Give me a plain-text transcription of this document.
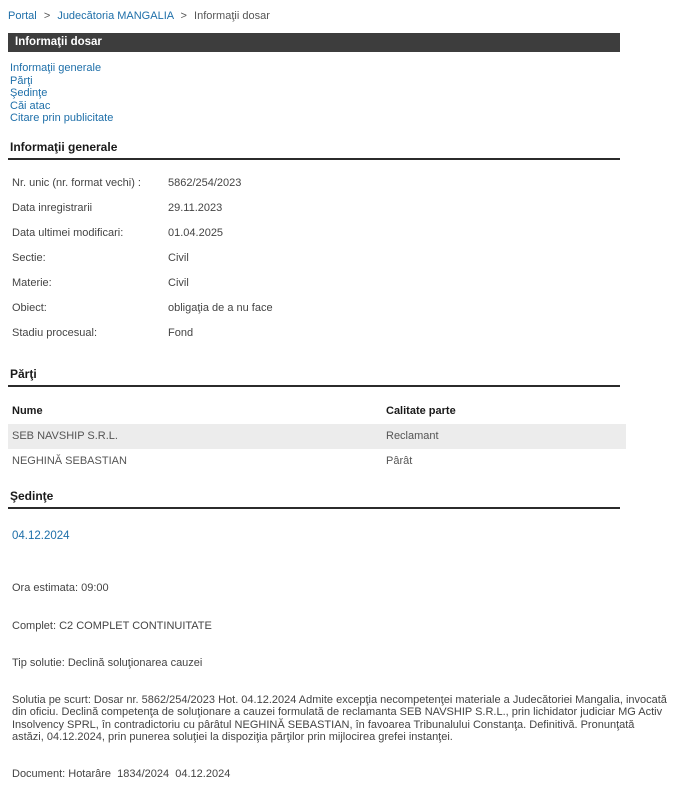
Portal > Judecătoria MANGALIA > Informaţii dosar
Informaţii dosar
Informaţii generale
Părţi
Şedinţe
Căi atac
Citare prin publicitate
Informaţii generale
Nr. unic (nr. format vechi) :	5862/254/2023
Data inregistrarii	29.11.2023
Data ultimei modificari:	01.04.2025
Sectie:	Civil
Materie:	Civil
Obiect:	obligaţia de a nu face
Stadiu procesual:	Fond
Părţi
Nume	Calitate parte
SEB NAVSHIP S.R.L.	Reclamant
NEGHINĂ SEBASTIAN	Pârât
Şedinţe
04.12.2024

Ora estimata: 09:00

Complet: C2 COMPLET CONTINUITATE

Tip solutie: Declină soluţionarea cauzei

Solutia pe scurt: Dosar nr. 5862/254/2023 Hot. 04.12.2024 Admite excepţia necompetenţei materiale a Judecătoriei Mangalia, invocată din oficiu. Declină competenţa de soluţionare a cauzei formulată de reclamanta SEB NAVSHIP S.R.L., prin lichidator judiciar MG Activ Insolvency SPRL, în contradictoriu cu pârâtul NEGHINĂ SEBASTIAN, în favoarea Tribunalului Constanţa. Definitivă. Pronunţată astăzi, 04.12.2024, prin punerea soluţiei la dispoziţia părţilor prin mijlocirea grefei instanţei.

Document: Hotarâre  1834/2024  04.12.2024
